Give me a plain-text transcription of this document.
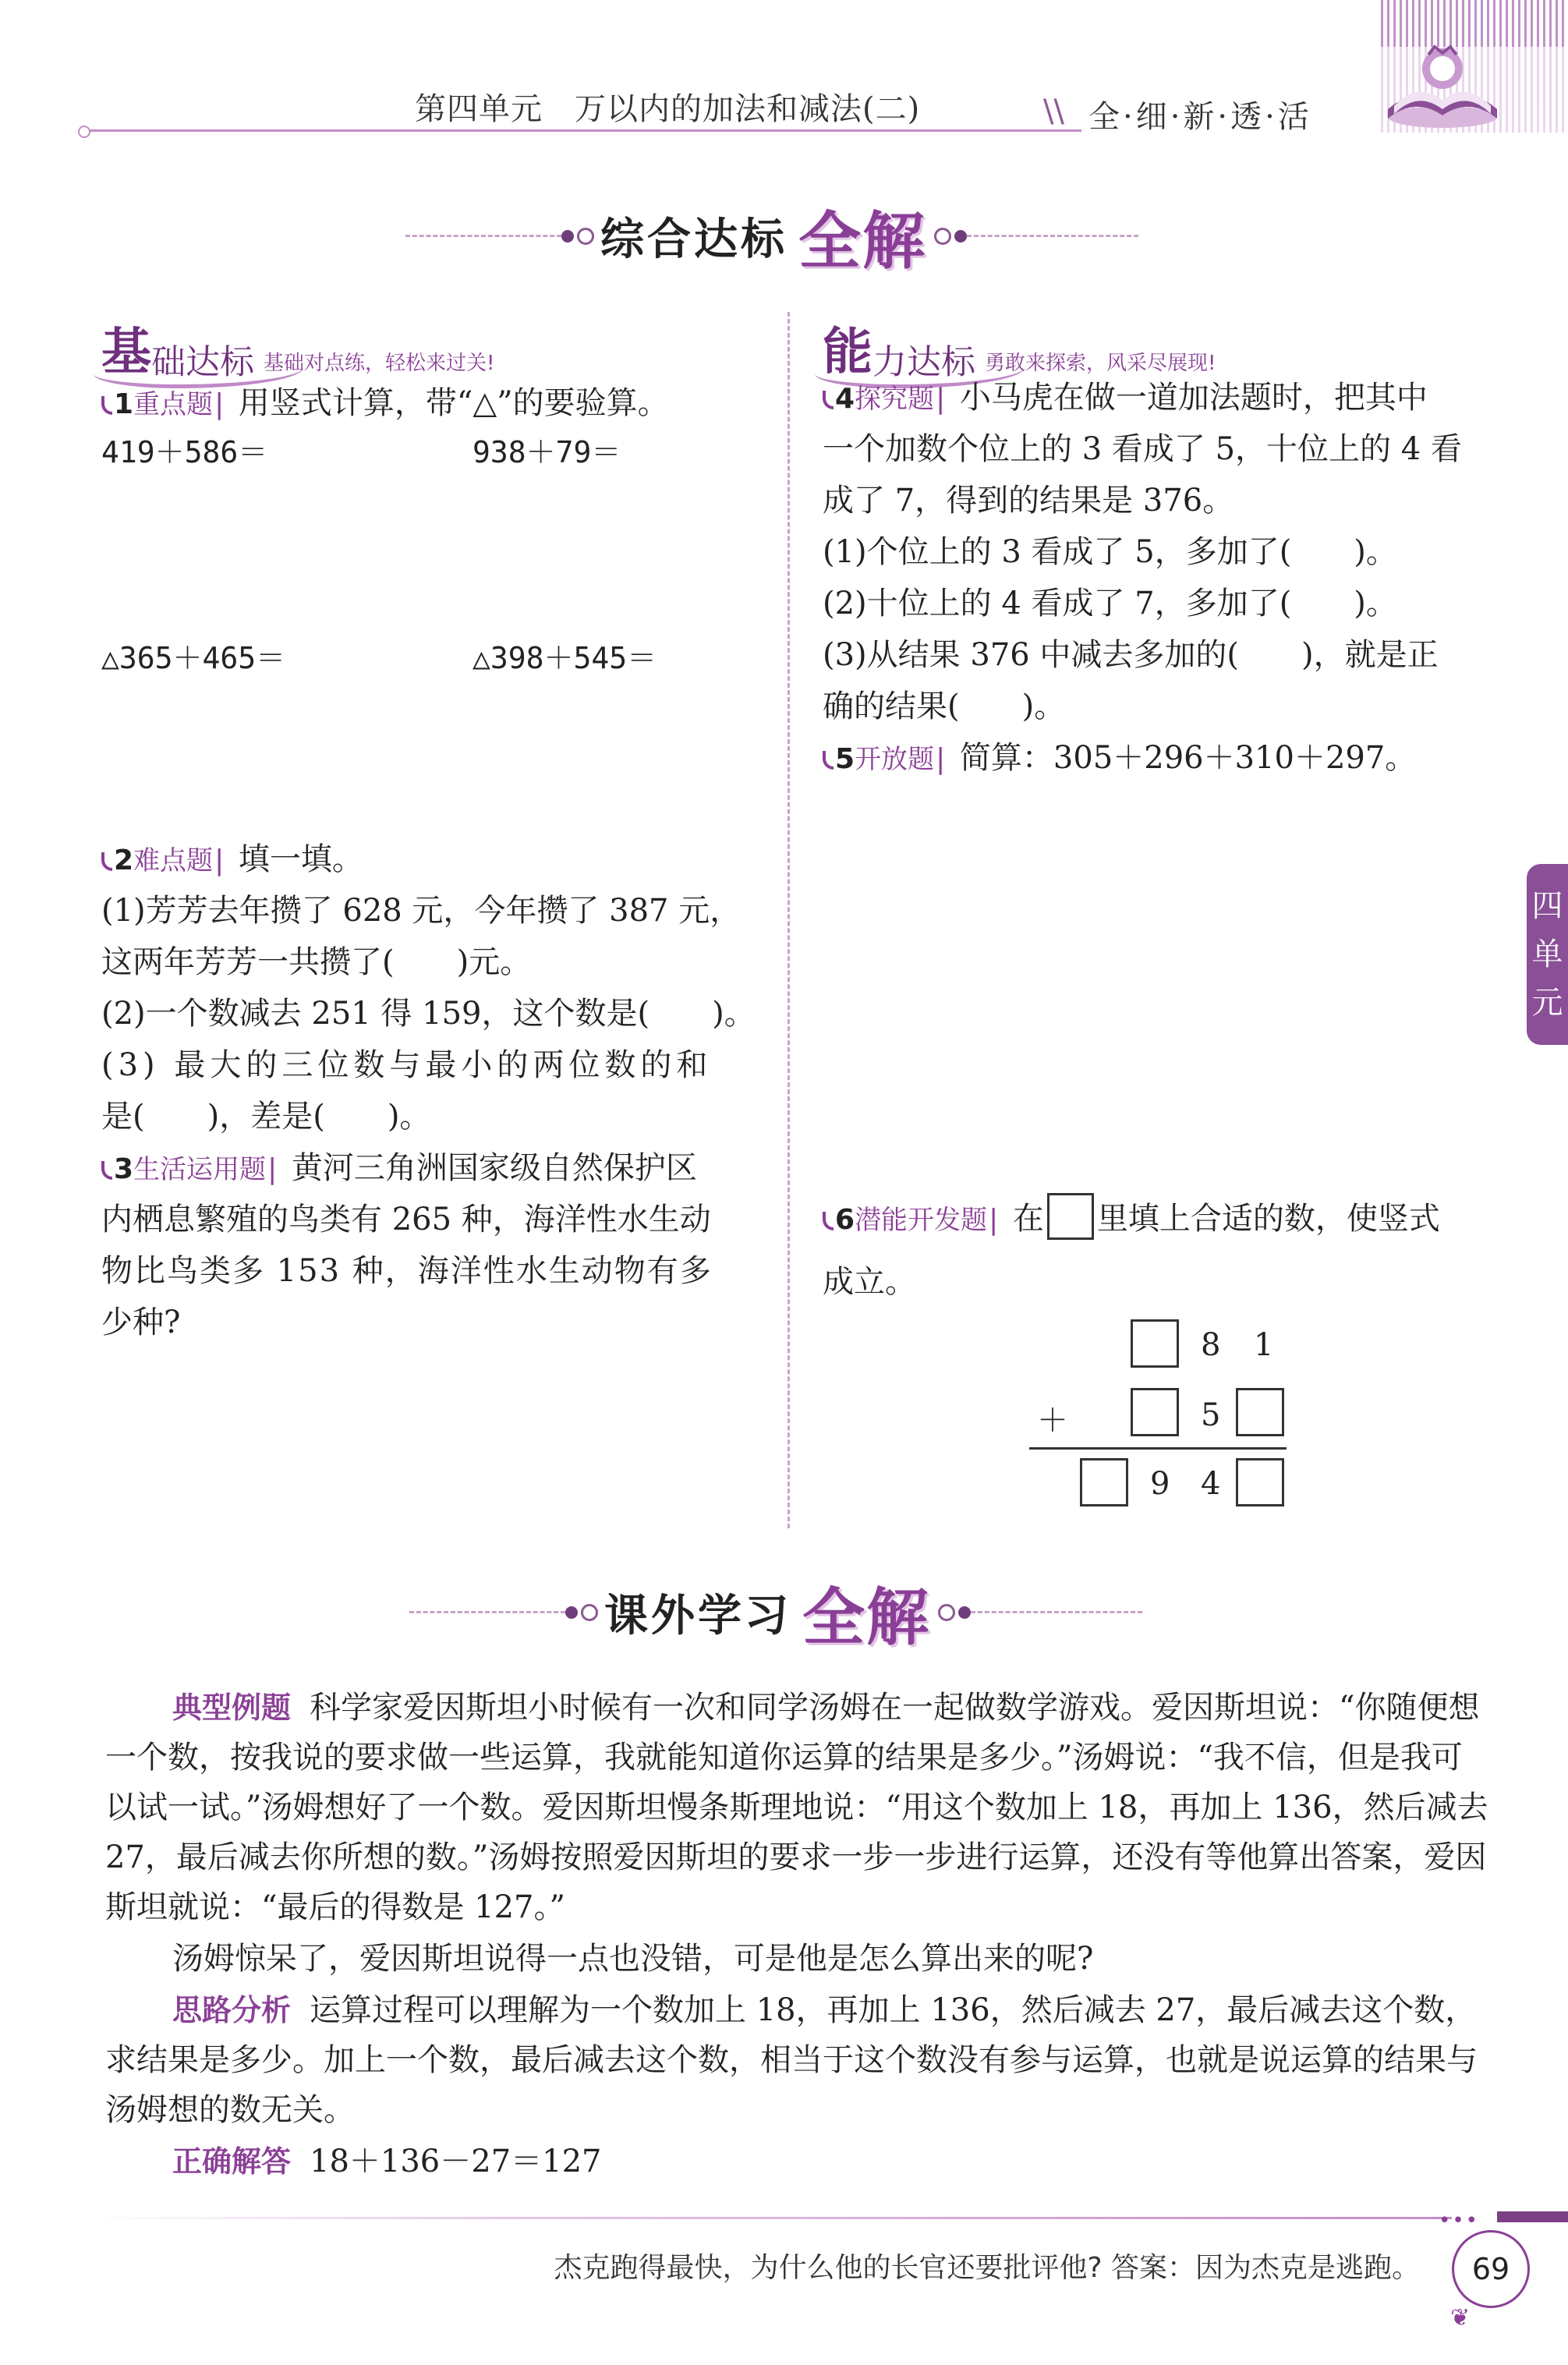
第四单元　万以内的加法和减法(二)	\\ 全·细·新·透·活
综合达标 全解
基 础达标 基础对点练，轻松来过关!
1重点题| 用竖式计算，带“△”的要验算。
419＋586＝	938＋79＝
△365＋465＝	△398＋545＝
2难点题| 填一填。
(1)芳芳去年攒了 628 元，今年攒了 387 元，
这两年芳芳一共攒了(　　)元。
(2)一个数减去 251 得 159，这个数是(　　)。
(3) 最大的三位数与最小的两位数的和
是(　　)，差是(　　)。
3生活运用题| 黄河三角洲国家级自然保护区
内栖息繁殖的鸟类有 265 种，海洋性水生动
物比鸟类多 153 种，海洋性水生动物有多
少种?
能 力达标 勇敢来探索，风采尽展现!
4探究题| 小马虎在做一道加法题时，把其中
一个加数个位上的 3 看成了 5，十位上的 4 看
成了 7，得到的结果是 376。
(1)个位上的 3 看成了 5，多加了(　　)。
(2)十位上的 4 看成了 7，多加了(　　)。
(3)从结果 376 中减去多加的(　　)，就是正
确的结果(　　)。
5开放题| 简算：305＋296＋310＋297。
6潜能开发题| 在 里填上合适的数，使竖式
成立。
8 1
＋	5
9 4
课外学习 全解
典型例题 科学家爱因斯坦小时候有一次和同学汤姆在一起做数学游戏。爱因斯坦说：“你随便想一个数，按我说的要求做一些运算，我就能知道你运算的结果是多少。”汤姆说：“我不信，但是我可以试一试。”汤姆想好了一个数。爱因斯坦慢条斯理地说：“用这个数加上 18，再加上 136，然后减去 27，最后减去你所想的数。”汤姆按照爱因斯坦的要求一步一步进行运算，还没有等他算出答案，爱因斯坦就说：“最后的得数是 127。”
汤姆惊呆了，爱因斯坦说得一点也没错，可是他是怎么算出来的呢?
思路分析 运算过程可以理解为一个数加上 18，再加上 136，然后减去 27，最后减去这个数，求结果是多少。加上一个数，最后减去这个数，相当于这个数没有参与运算，也就是说运算的结果与汤姆想的数无关。
正确解答 18＋136－27＝127
•••
杰克跑得最快，为什么他的长官还要批评他? 答案：因为杰克是逃跑。	69
❦
四
单
元
